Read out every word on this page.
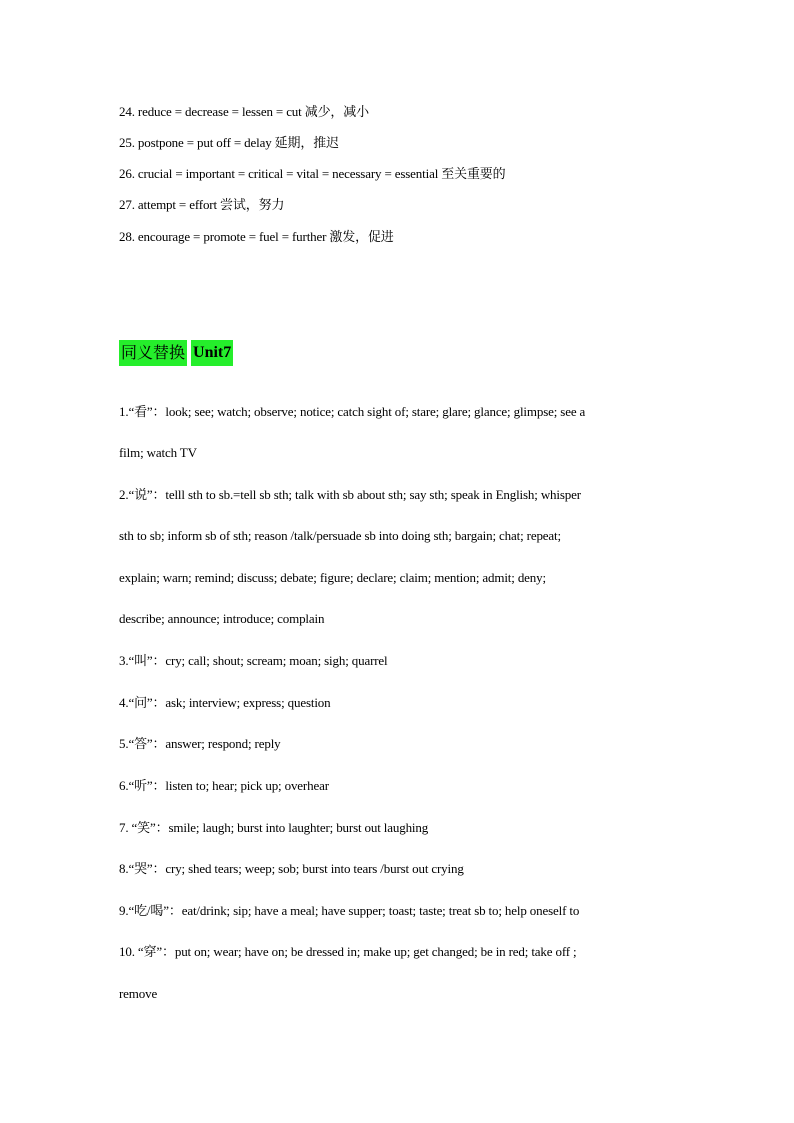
24. reduce = decrease = lessen = cut 减少，减小
25. postpone = put off = delay 延期，推迟
26. crucial = important = critical = vital = necessary = essential 至关重要的
27. attempt = effort 尝试，努力
28. encourage = promote = fuel = further 激发，促进
同义替换 Unit7
1.“看”：look; see; watch; observe; notice; catch sight of; stare; glare; glance; glimpse; see a
film; watch TV
2.“说”：telll sth to sb.=tell sb sth; talk with sb about sth; say sth; speak in English; whisper
sth to sb; inform sb of sth; reason /talk/persuade sb into doing sth; bargain; chat; repeat;
explain; warn; remind; discuss; debate; figure; declare; claim; mention; admit; deny;
describe; announce; introduce; complain
3.“叫”：cry; call; shout; scream; moan; sigh; quarrel
4.“问”：ask; interview; express; question
5.“答”：answer; respond; reply
6.“听”：listen to; hear; pick up; overhear
7. “笑”：smile; laugh; burst into laughter; burst out laughing
8.“哭”：cry; shed tears; weep; sob; burst into tears /burst out crying
9.“吃/喝”：eat/drink; sip; have a meal; have supper; toast; taste; treat sb to; help oneself to
10. “穿”：put on; wear; have on; be dressed in; make up; get changed; be in red; take off ;
remove
